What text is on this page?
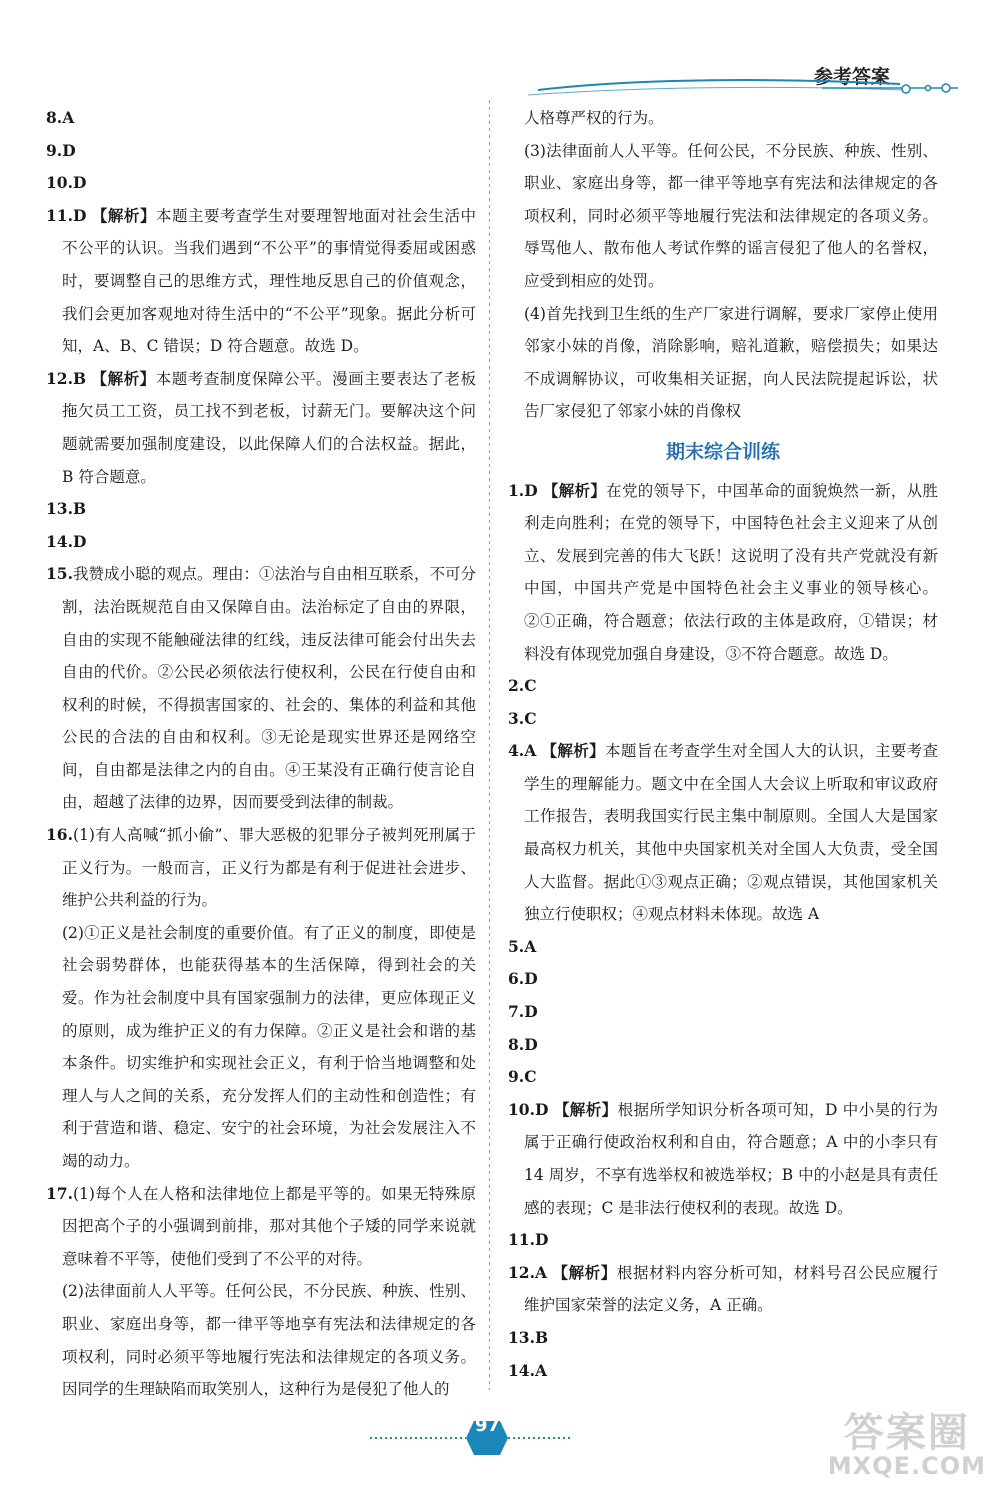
参考答案

8.A

9.D

10.D

11.D 【解析】本题主要考查学生对要理智地面对社会生活中不公平的认识。当我们遇到“不公平”的事情觉得委屈或困惑时，要调整自己的思维方式，理性地反思自己的价值观念，我们会更加客观地对待生活中的“不公平”现象。据此分析可知，A、B、C 错误；D 符合题意。故选 D。

12.B 【解析】本题考查制度保障公平。漫画主要表达了老板拖欠员工工资，员工找不到老板，讨薪无门。要解决这个问题就需要加强制度建设，以此保障人们的合法权益。据此，B 符合题意。

13.B

14.D

15.我赞成小聪的观点。理由：①法治与自由相互联系，不可分割，法治既规范自由又保障自由。法治标定了自由的界限，自由的实现不能触碰法律的红线，违反法律可能会付出失去自由的代价。②公民必须依法行使权利，公民在行使自由和权利的时候，不得损害国家的、社会的、集体的利益和其他公民的合法的自由和权利。③无论是现实世界还是网络空间，自由都是法律之内的自由。④王某没有正确行使言论自由，超越了法律的边界，因而要受到法律的制裁。

16.(1)有人高喊“抓小偷”、罪大恶极的犯罪分子被判死刑属于正义行为。一般而言，正义行为都是有利于促进社会进步、维护公共利益的行为。

(2)①正义是社会制度的重要价值。有了正义的制度，即使是社会弱势群体，也能获得基本的生活保障，得到社会的关爱。作为社会制度中具有国家强制力的法律，更应体现正义的原则，成为维护正义的有力保障。②正义是社会和谐的基本条件。切实维护和实现社会正义，有利于恰当地调整和处理人与人之间的关系，充分发挥人们的主动性和创造性；有利于营造和谐、稳定、安宁的社会环境，为社会发展注入不竭的动力。

17.(1)每个人在人格和法律地位上都是平等的。如果无特殊原因把高个子的小强调到前排，那对其他个子矮的同学来说就意味着不平等，使他们受到了不公平的对待。

(2)法律面前人人平等。任何公民，不分民族、种族、性别、职业、家庭出身等，都一律平等地享有宪法和法律规定的各项权利，同时必须平等地履行宪法和法律规定的各项义务。因同学的生理缺陷而取笑别人，这种行为是侵犯了他人的

人格尊严权的行为。

(3)法律面前人人平等。任何公民，不分民族、种族、性别、职业、家庭出身等，都一律平等地享有宪法和法律规定的各项权利，同时必须平等地履行宪法和法律规定的各项义务。辱骂他人、散布他人考试作弊的谣言侵犯了他人的名誉权，应受到相应的处罚。

(4)首先找到卫生纸的生产厂家进行调解，要求厂家停止使用邻家小妹的肖像，消除影响，赔礼道歉，赔偿损失；如果达不成调解协议，可收集相关证据，向人民法院提起诉讼，状告厂家侵犯了邻家小妹的肖像权

期末综合训练

1.D 【解析】在党的领导下，中国革命的面貌焕然一新，从胜利走向胜利；在党的领导下，中国特色社会主义迎来了从创立、发展到完善的伟大飞跃！这说明了没有共产党就没有新中国，中国共产党是中国特色社会主义事业的领导核心。②①正确，符合题意；依法行政的主体是政府，①错误；材料没有体现党加强自身建设，③不符合题意。故选 D。

2.C

3.C

4.A 【解析】本题旨在考查学生对全国人大的认识，主要考查学生的理解能力。题文中在全国人大会议上听取和审议政府工作报告，表明我国实行民主集中制原则。全国人大是国家最高权力机关，其他中央国家机关对全国人大负责，受全国人大监督。据此①③观点正确；②观点错误，其他国家机关独立行使职权；④观点材料未体现。故选 A

5.A

6.D

7.D

8.D

9.C

10.D 【解析】根据所学知识分析各项可知，D 中小昊的行为属于正确行使政治权利和自由，符合题意；A 中的小李只有 14 周岁，不享有选举权和被选举权；B 中的小赵是具有责任感的表现；C 是非法行使权利的表现。故选 D。

11.D

12.A 【解析】根据材料内容分析可知，材料号召公民应履行维护国家荣誉的法定义务，A 正确。

13.B

14.A

97	答案圈
MXQE.COM
